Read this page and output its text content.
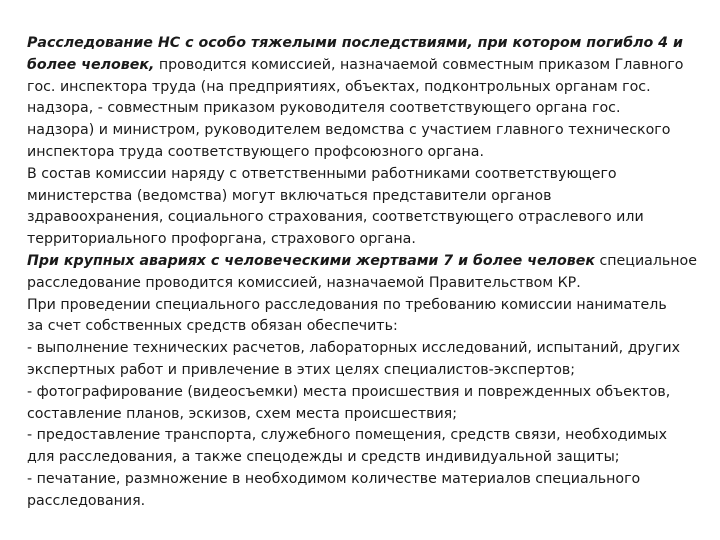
Расследование НС с особо тяжелыми последствиями, при котором погибло 4 и
более человек, проводится комиссией, назначаемой совместным приказом Главного
гос. инспектора труда (на предприятиях, объектах, подконтрольных органам гос.
надзора, - совместным приказом руководителя соответствующего органа гос.
надзора) и министром, руководителем ведомства с участием главного технического
инспектора труда соответствующего профсоюзного органа.
В состав комиссии наряду с ответственными работниками соответствующего
министерства (ведомства) могут включаться представители органов
здравоохранения, социального страхования, соответствующего отраслевого или
территориального профоргана, страхового органа.
При крупных авариях с человеческими жертвами 7 и более человек специальное
расследование проводится комиссией, назначаемой Правительством КР.
При проведении специального расследования по требованию комиссии наниматель
за счет собственных средств обязан обеспечить:
- выполнение технических расчетов, лабораторных исследований, испытаний, других
экспертных работ и привлечение в этих целях специалистов-экспертов;
- фотографирование (видеосъемки) места происшествия и поврежденных объектов,
составление планов, эскизов, схем места происшествия;
- предоставление транспорта, служебного помещения, средств связи, необходимых
для расследования, а также спецодежды и средств индивидуальной защиты;
- печатание, размножение в необходимом количестве материалов специального
расследования.
